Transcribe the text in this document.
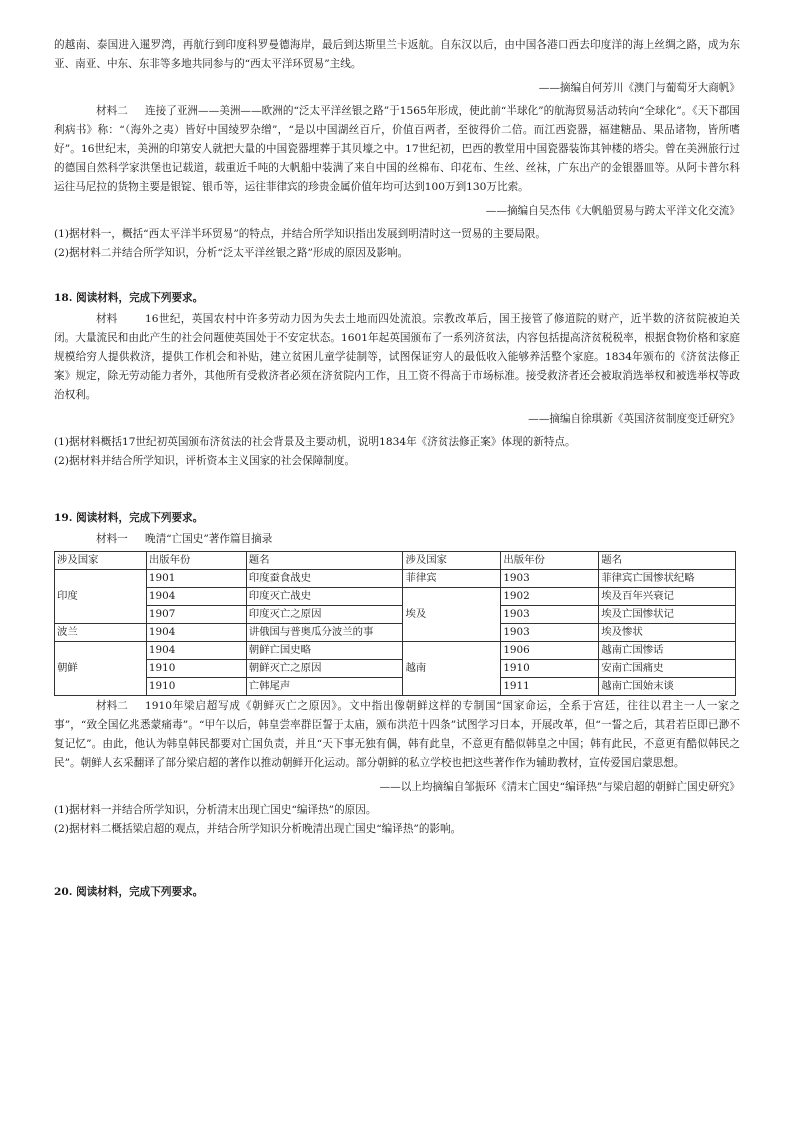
的越南、泰国进入暹罗湾，再航行到印度科罗曼德海岸，最后到达斯里兰卡返航。自东汉以后，由中国各港口西去印度洋的海上丝绸之路，成为东亚、南亚、中东、东非等多地共同参与的“西太平洋环贸易”主线。

——摘编自何芳川《澳门与葡萄牙大商帆》

材料二 连接了亚洲——美洲——欧洲的“泛太平洋丝银之路”于1565年形成，使此前“半球化”的航海贸易活动转向“全球化”。《天下郡国利病书》称：“（海外之夷）皆好中国绫罗杂缯”，“是以中国湖丝百斤，价值百两者，至彼得价二倍。而江西瓷器，福建糖品、果品诸物，皆所嗜好”。16世纪末，美洲的印第安人就把大量的中国瓷器埋葬于其贝壕之中。17世纪初，巴西的教堂用中国瓷器装饰其钟楼的塔尖。曾在美洲旅行过的德国自然科学家洪堡也记载道，载重近千吨的大帆船中装满了来自中国的丝棉布、印花布、生丝、丝袜，广东出产的金银器皿等。从阿卡普尔科运往马尼拉的货物主要是银锭、银币等，运往菲律宾的珍贵金属价值年均可达到100万到130万比索。

——摘编自吴杰伟《大帆船贸易与跨太平洋文化交流》

(1)据材料一，概括“西太平洋半环贸易”的特点，并结合所学知识指出发展到明清时这一贸易的主要局限。

(2)据材料二并结合所学知识，分析“泛太平洋丝银之路”形成的原因及影响。

18. 阅读材料，完成下列要求。

材料	16世纪，英国农村中许多劳动力因为失去土地而四处流浪。宗教改革后，国王接管了修道院的财产，近半数的济贫院被迫关闭。大量流民和由此产生的社会问题使英国处于不安定状态。1601年起英国颁布了一系列济贫法，内容包括提高济贫税税率，根据食物价格和家庭规模给穷人提供救济，提供工作机会和补贴，建立贫困儿童学徒制等，试图保证穷人的最低收入能够养活整个家庭。1834年颁布的《济贫法修正案》规定，除无劳动能力者外，其他所有受救济者必须在济贫院内工作，且工资不得高于市场标准。接受救济者还会被取消选举权和被选举权等政治权利。

——摘编自徐琪新《英国济贫制度变迁研究》

(1)据材料概括17世纪初英国颁布济贫法的社会背景及主要动机，说明1834年《济贫法修正案》体现的新特点。

(2)据材料并结合所学知识，评析资本主义国家的社会保障制度。

19. 阅读材料，完成下列要求。

材料一 晚清“亡国史”著作篇目摘录

涉及国家	出版年份	题名	涉及国家	出版年份	题名
印度	1901	印度蚕食战史	菲律宾	1903	菲律宾亡国惨状纪略
	1904	印度灭亡战史	埃及	1902	埃及百年兴衰记
	1907	印度灭亡之原因		1903	埃及亡国惨状记
波兰	1904	讲俄国与普奥瓜分波兰的事		1903	埃及惨状
朝鲜	1904	朝鲜亡国史略	越南	1906	越南亡国惨话
	1910	朝鲜灭亡之原因		1910	安南亡国痛史
	1910	亡韩尾声		1911	越南亡国始末谈

材料二 1910年梁启超写成《朝鲜灭亡之原因》。文中指出像朝鲜这样的专制国“国家命运，全系于宫廷，往往以君主一人一家之事”，“致全国亿兆悉蒙痛毒”。“甲午以后，韩皇尝率群臣誓于太庙，颁布洪范十四条”试图学习日本，开展改革，但“一誓之后，其君若臣即已渺不复记忆”。由此，他认为韩皇韩民都要对亡国负责，并且“天下事无独有偶，韩有此皇，不意更有酷似韩皇之中国；韩有此民，不意更有酷似韩民之民”。朝鲜人玄采翻译了部分梁启超的著作以推动朝鲜开化运动。部分朝鲜的私立学校也把这些著作作为辅助教材，宣传爱国启蒙思想。

——以上均摘编自邹振环《清末亡国史“编译热”与梁启超的朝鲜亡国史研究》

(1)据材料一并结合所学知识，分析清末出现亡国史“编译热”的原因。

(2)据材料二概括梁启超的观点，并结合所学知识分析晚清出现亡国史“编译热”的影响。

20. 阅读材料，完成下列要求。
